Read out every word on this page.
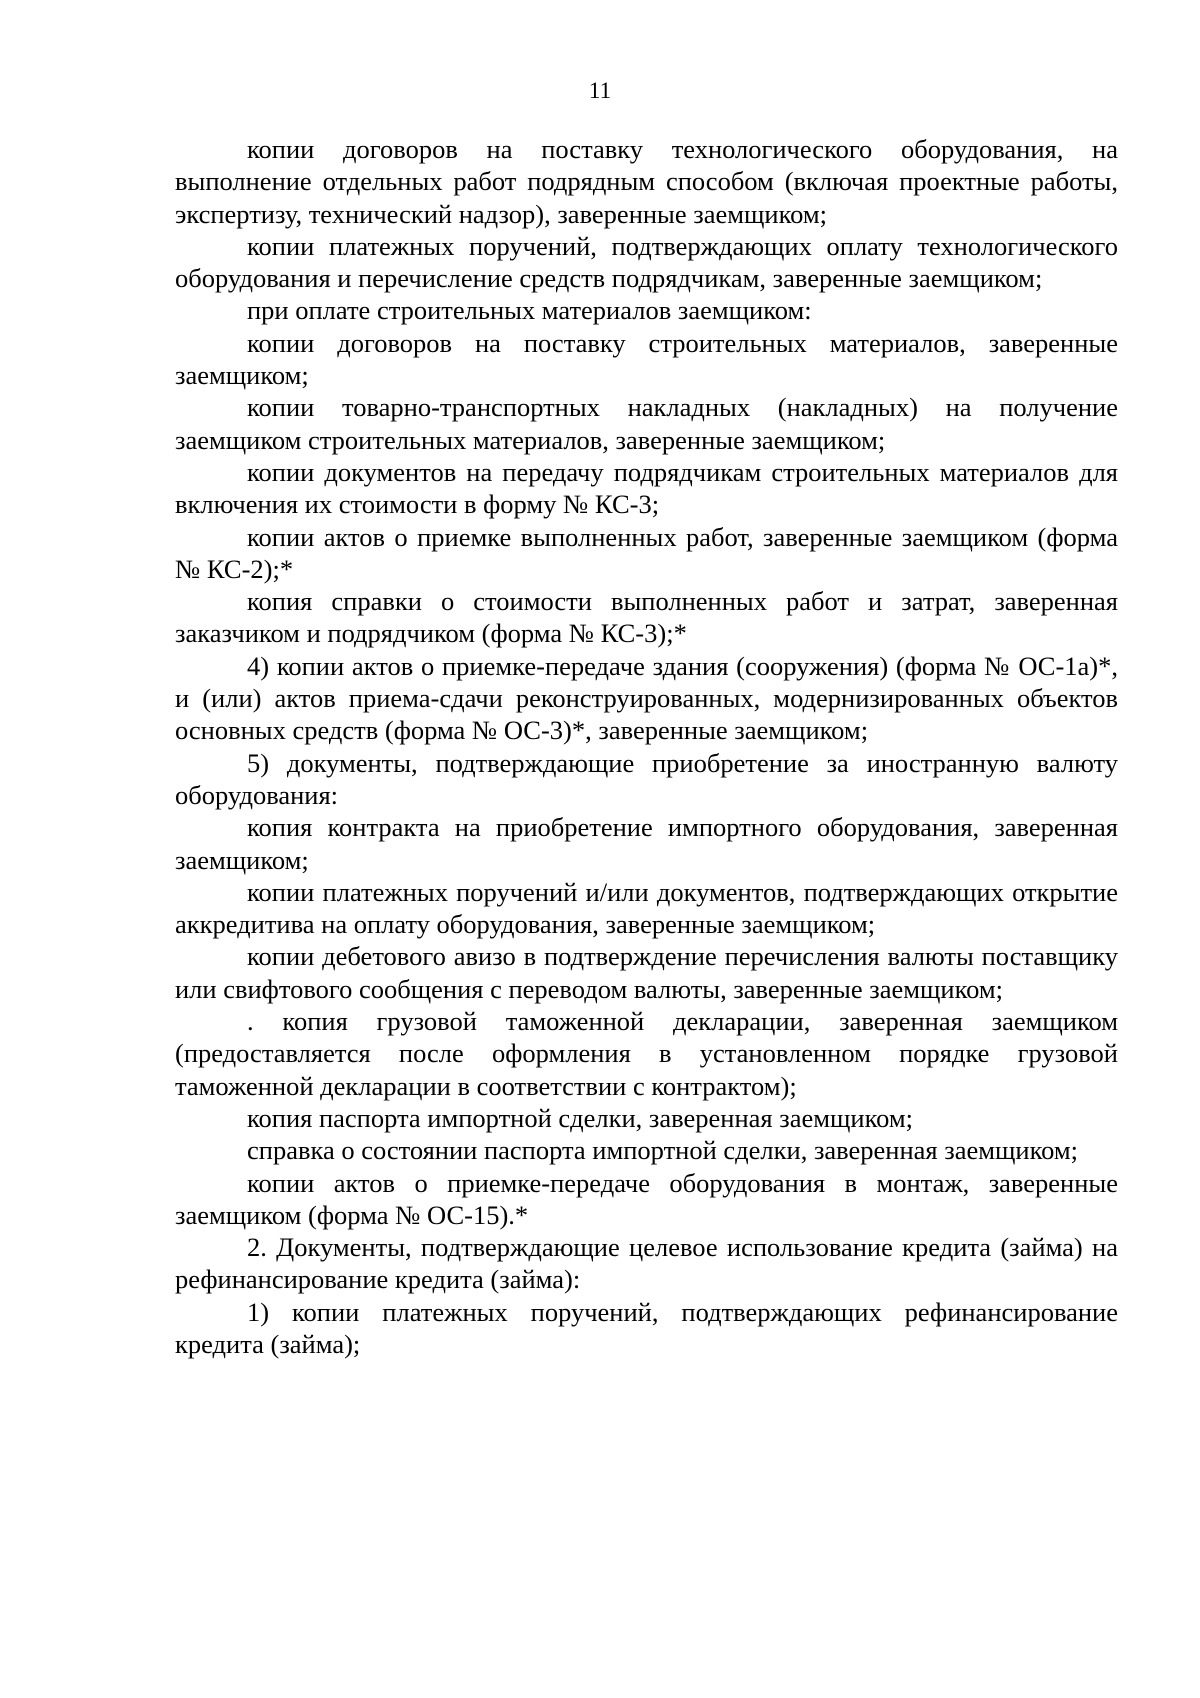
11

копии договоров на поставку технологического оборудования, на выполнение отдельных работ подрядным способом (включая проектные работы, экспертизу, технический надзор), заверенные заемщиком;

копии платежных поручений, подтверждающих оплату технологического оборудования и перечисление средств подрядчикам, заверенные заемщиком;

при оплате строительных материалов заемщиком:

копии договоров на поставку строительных материалов, заверенные заемщиком;

копии товарно-транспортных накладных (накладных) на получение заемщиком строительных материалов, заверенные заемщиком;

копии документов на передачу подрядчикам строительных материалов для включения их стоимости в форму № КС-3;

копии актов о приемке выполненных работ, заверенные заемщиком (форма № КС-2);*

копия справки о стоимости выполненных работ и затрат, заверенная заказчиком и подрядчиком (форма № КС-3);*

4) копии актов о приемке-передаче здания (сооружения) (форма № ОС-1а)*, и (или) актов приема-сдачи реконструированных, модернизированных объектов основных средств (форма № ОС-3)*, заверенные заемщиком;

5) документы, подтверждающие приобретение за иностранную валюту оборудования:

копия контракта на приобретение импортного оборудования, заверенная заемщиком;

копии платежных поручений и/или документов, подтверждающих открытие аккредитива на оплату оборудования, заверенные заемщиком;

копии дебетового авизо в подтверждение перечисления валюты поставщику или свифтового сообщения с переводом валюты, заверенные заемщиком;

. копия грузовой таможенной декларации, заверенная заемщиком (предоставляется после оформления в установленном порядке грузовой таможенной декларации в соответствии с контрактом);

копия паспорта импортной сделки, заверенная заемщиком;

справка о состоянии паспорта импортной сделки, заверенная заемщиком;

копии актов о приемке-передаче оборудования в монтаж, заверенные заемщиком (форма № ОС-15).*

2. Документы, подтверждающие целевое использование кредита (займа) на рефинансирование кредита (займа):

1) копии платежных поручений, подтверждающих рефинансирование кредита (займа);
